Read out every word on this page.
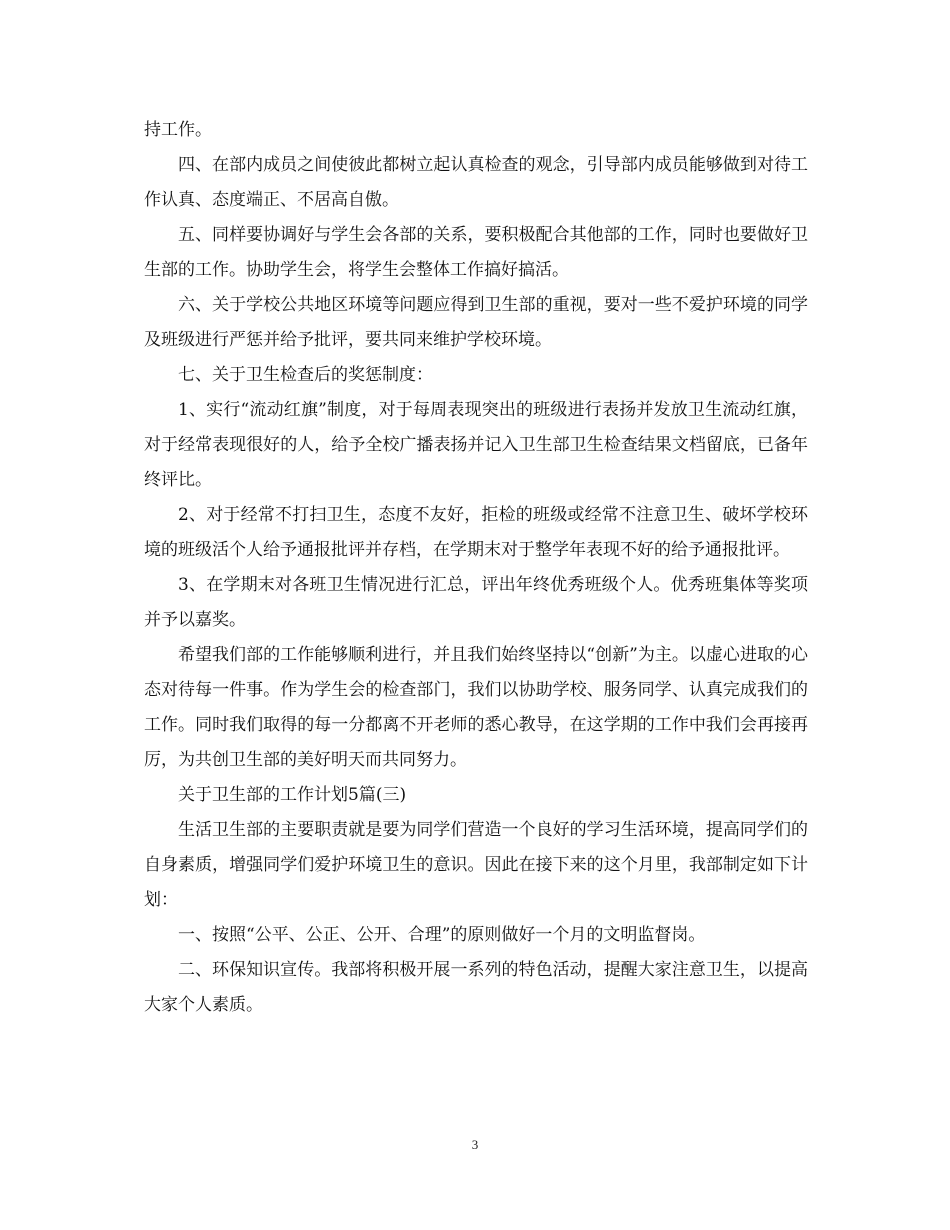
持工作。

四、在部内成员之间使彼此都树立起认真检查的观念，引导部内成员能够做到对待工作认真、态度端正、不居高自傲。

五、同样要协调好与学生会各部的关系，要积极配合其他部的工作，同时也要做好卫生部的工作。协助学生会，将学生会整体工作搞好搞活。

六、关于学校公共地区环境等问题应得到卫生部的重视，要对一些不爱护环境的同学及班级进行严惩并给予批评，要共同来维护学校环境。

七、关于卫生检查后的奖惩制度：

1、实行“流动红旗”制度，对于每周表现突出的班级进行表扬并发放卫生流动红旗，对于经常表现很好的人，给予全校广播表扬并记入卫生部卫生检查结果文档留底，已备年终评比。

2、对于经常不打扫卫生，态度不友好，拒检的班级或经常不注意卫生、破坏学校环境的班级活个人给予通报批评并存档，在学期末对于整学年表现不好的给予通报批评。

3、在学期末对各班卫生情况进行汇总，评出年终优秀班级个人。优秀班集体等奖项并予以嘉奖。

希望我们部的工作能够顺利进行，并且我们始终坚持以“创新”为主。以虚心进取的心态对待每一件事。作为学生会的检查部门，我们以协助学校、服务同学、认真完成我们的工作。同时我们取得的每一分都离不开老师的悉心教导，在这学期的工作中我们会再接再厉，为共创卫生部的美好明天而共同努力。

关于卫生部的工作计划5篇(三)

生活卫生部的主要职责就是要为同学们营造一个良好的学习生活环境，提高同学们的自身素质，增强同学们爱护环境卫生的意识。因此在接下来的这个月里，我部制定如下计划：

一、按照“公平、公正、公开、合理”的原则做好一个月的文明监督岗。

二、环保知识宣传。我部将积极开展一系列的特色活动，提醒大家注意卫生，以提高大家个人素质。

3
